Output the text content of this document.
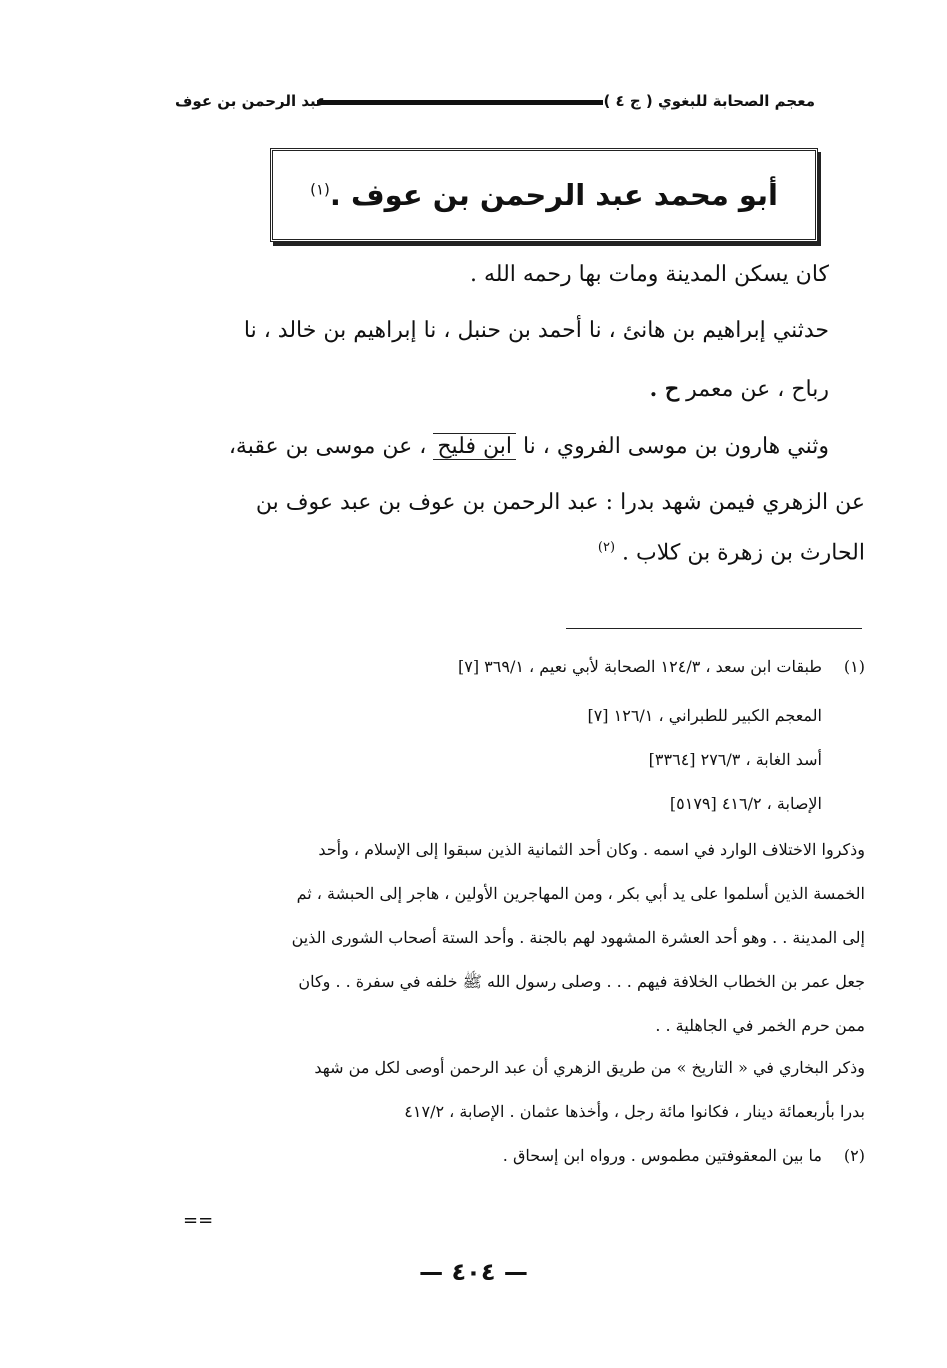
معجم الصحابة للبغوي ( ج ٤ )
عبد الرحمن بن عوف
أبو محمد عبد الرحمن بن عوف .$^{(١)}$
كان يسكن المدينة ومات بها رحمه الله .
حدثني إبراهيم بن هانئ ، نا أحمد بن حنبل ، نا إبراهيم بن خالد ، نا
رباح ، عن معمر ح .
وثني هارون بن موسى الفروي ، نا ابن فليح ، عن موسى بن عقبة،
عن الزهري فيمن شهد بدرا : عبد الرحمن بن عوف بن عبد عوف بن
الحارث بن زهرة بن كلاب . $^{(٢)}$
(١)
طبقات ابن سعد ، ١٢٤/٣ الصحابة لأبي نعيم ، ٣٦٩/١ [٧]
المعجم الكبير للطبراني ، ١٢٦/١ [٧]
أسد الغابة ، ٢٧٦/٣ [٣٣٦٤]
الإصابة ، ٤١٦/٢ [٥١٧٩]
وذكروا الاختلاف الوارد في اسمه . وكان أحد الثمانية الذين سبقوا إلى الإسلام ، وأحد
الخمسة الذين أسلموا على يد أبي بكر ، ومن المهاجرين الأولين ، هاجر إلى الحبشة ، ثم
إلى المدينة . . وهو أحد العشرة المشهود لهم بالجنة . وأحد الستة أصحاب الشورى الذين
جعل عمر بن الخطاب الخلافة فيهم . . . وصلى رسول الله ﷺ خلفه في سفرة . . وكان
ممن حرم الخمر في الجاهلية . .
وذكر البخاري في « التاريخ » من طريق الزهري أن عبد الرحمن أوصى لكل من شهد
بدرا بأربعمائة دينار ، فكانوا مائة رجل ، وأخذها عثمان . الإصابة ، ٤١٧/٢
(٢)
ما بين المعقوفتين مطموس . ورواه ابن إسحاق .
==
— ٤٠٤ —
